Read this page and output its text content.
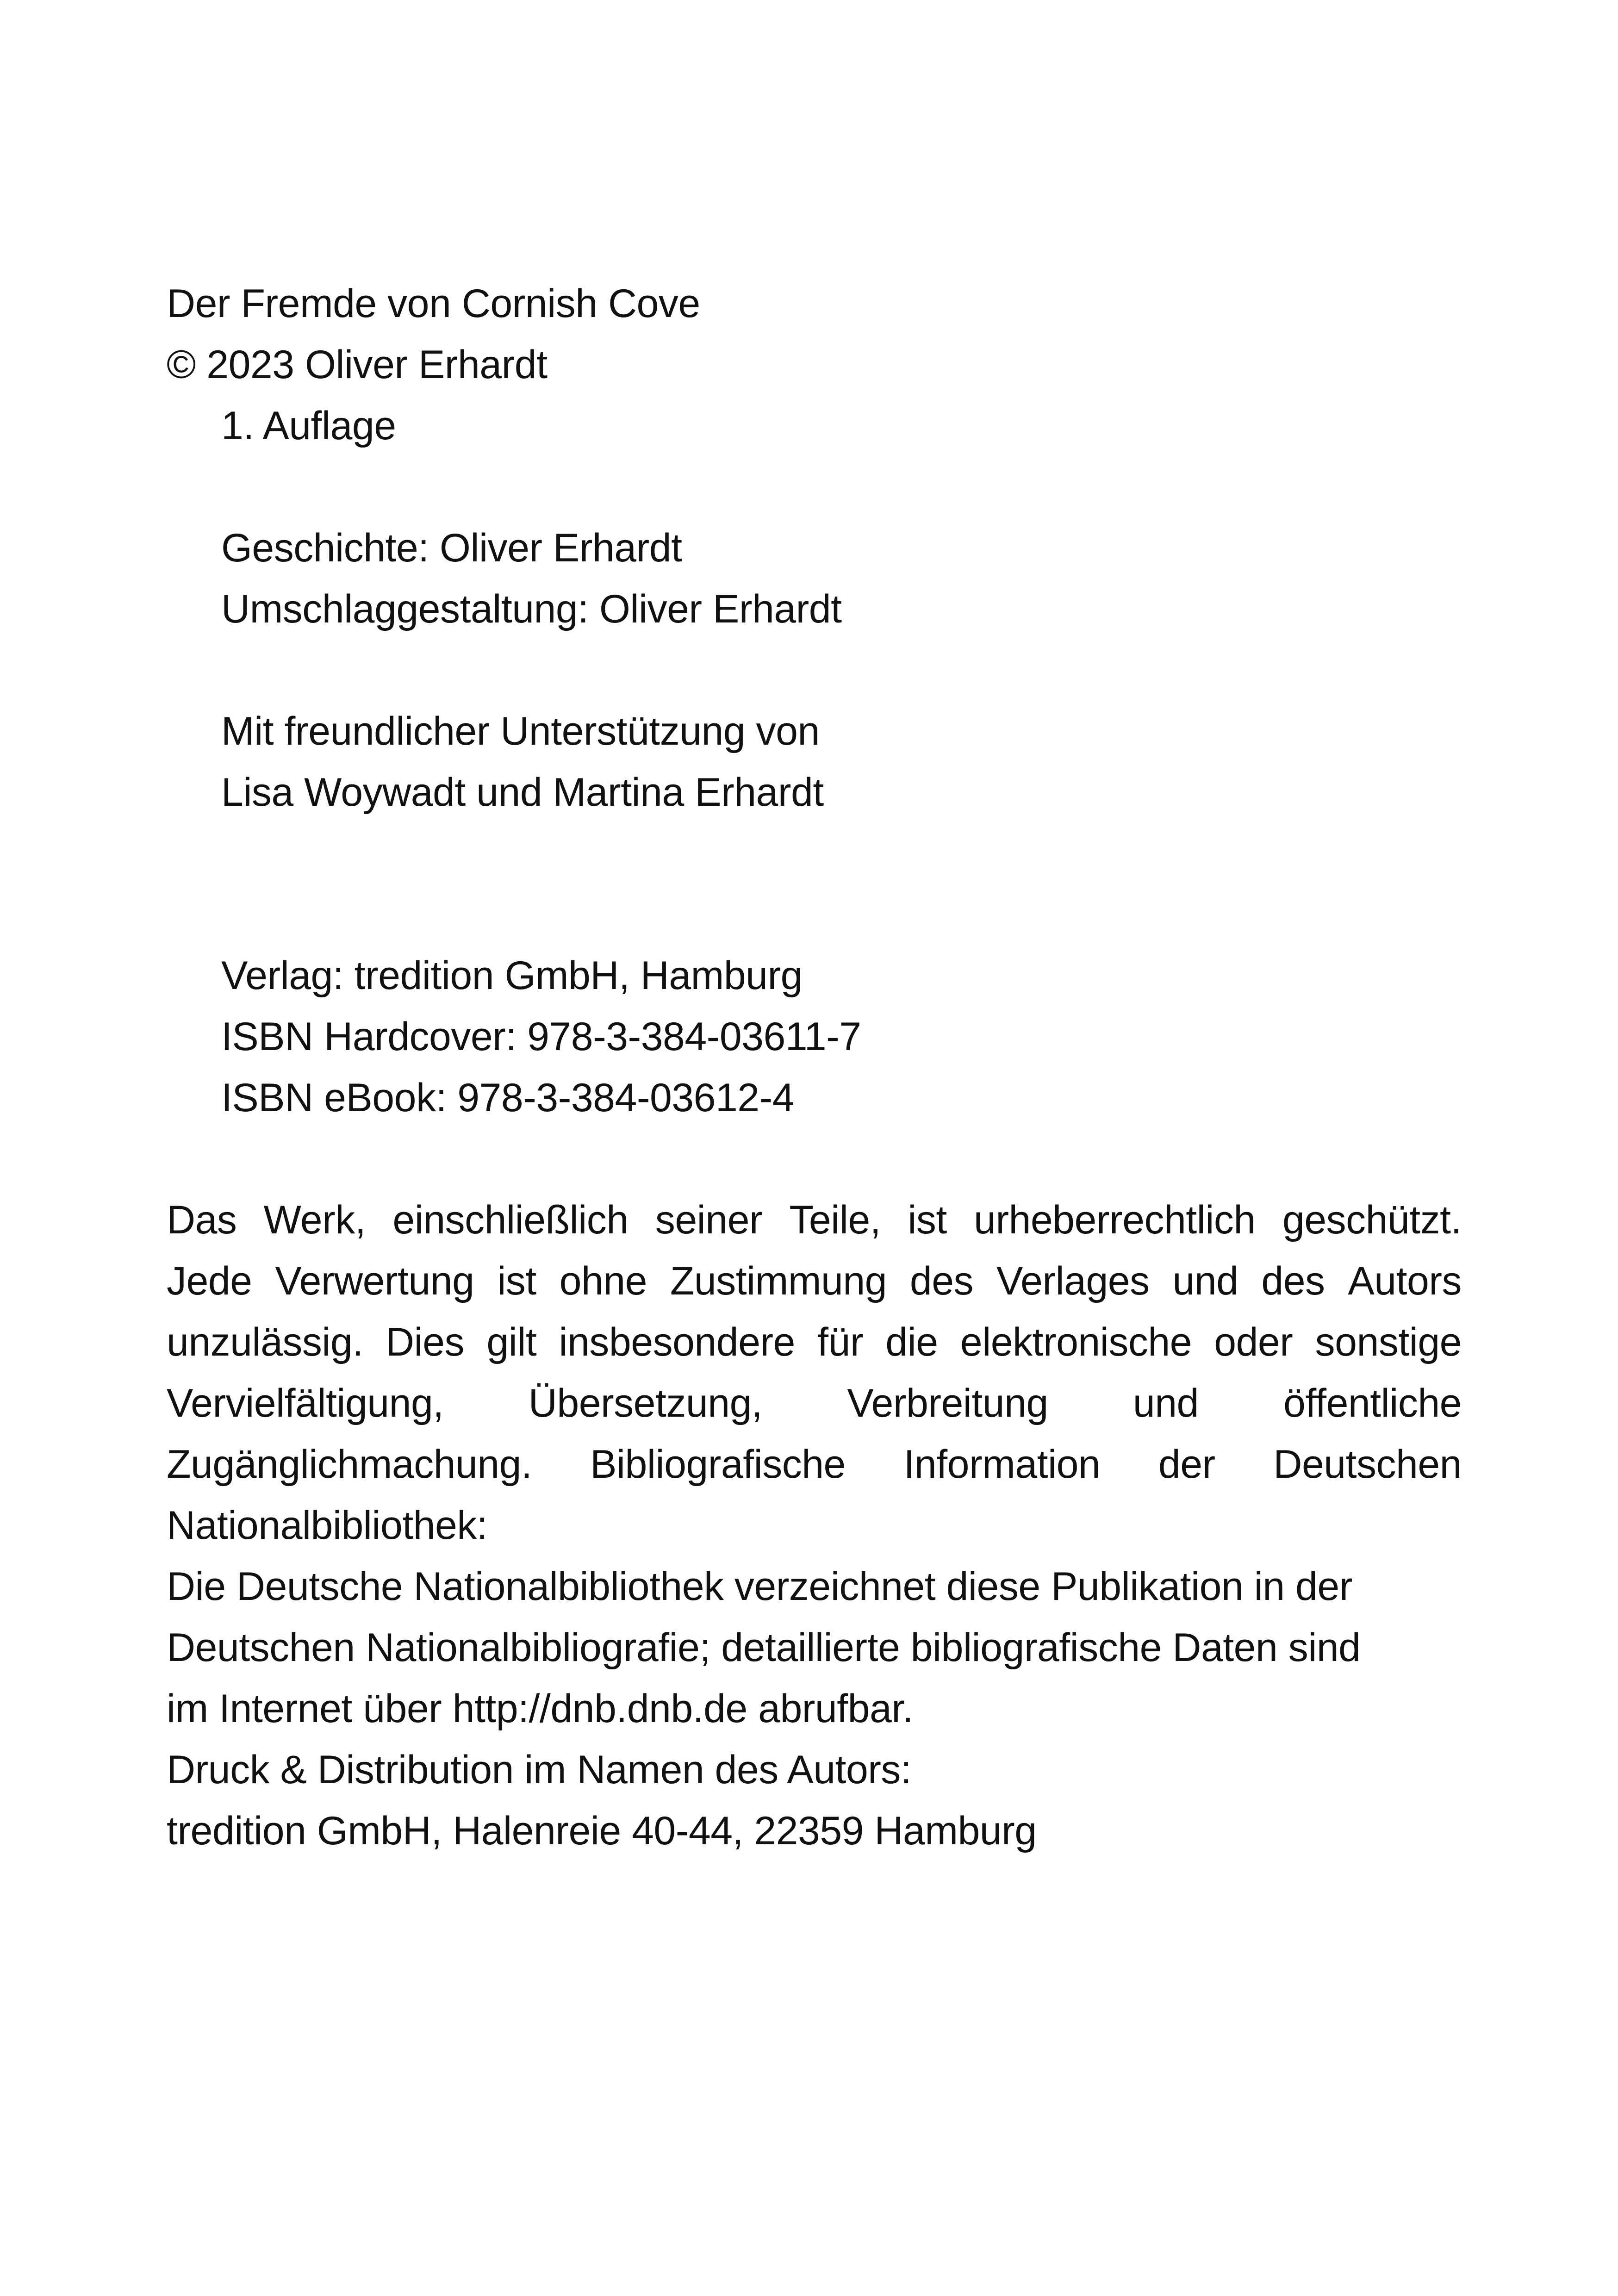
Der Fremde von Cornish Cove
© 2023 Oliver Erhardt
1. Auflage
Geschichte: Oliver Erhardt
Umschlaggestaltung: Oliver Erhardt
Mit freundlicher Unterstützung von
Lisa Woywadt und Martina Erhardt
Verlag: tredition GmbH, Hamburg
ISBN Hardcover: 978-3-384-03611-7
ISBN eBook: 978-3-384-03612-4
Das Werk, einschließlich seiner Teile, ist urheberrechtlich geschützt.
Jede Verwertung ist ohne Zustimmung des Verlages und des Autors
unzulässig. Dies gilt insbesondere für die elektronische oder sonstige
Vervielfältigung, Übersetzung, Verbreitung und öffentliche
Zugänglichmachung. Bibliografische Information der Deutschen
Nationalbibliothek:
Die Deutsche Nationalbibliothek verzeichnet diese Publikation in der
Deutschen Nationalbibliografie; detaillierte bibliografische Daten sind
im Internet über http://dnb.dnb.de abrufbar.
Druck & Distribution im Namen des Autors:
tredition GmbH, Halenreie 40-44, 22359 Hamburg
